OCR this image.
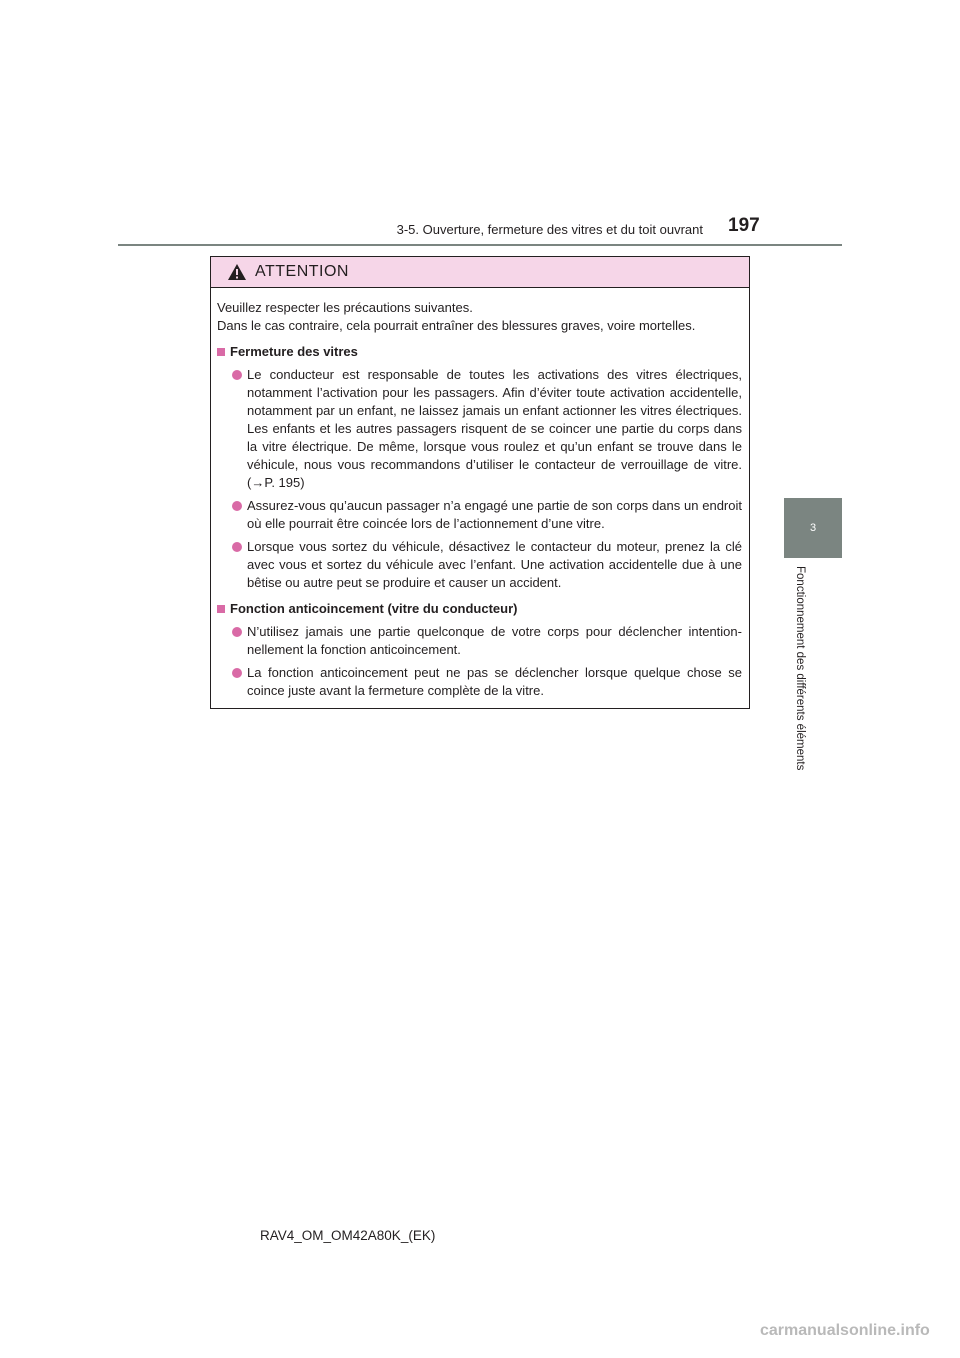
3-5. Ouverture, fermeture des vitres et du toit ouvrant 197
3
Fonctionnement des différents éléments
ATTENTION

Veuillez respecter les précautions suivantes.

Dans le cas contraire, cela pourrait entraîner des blessures graves, voire mortelles.

Fermeture des vitres
Le conducteur est responsable de toutes les activations des vitres électriques, notamment l’activation pour les passagers. Afin d’éviter toute activation accidentelle, notamment par un enfant, ne laissez jamais un enfant actionner les vitres électriques. Les enfants et les autres passagers risquent de se coincer une partie du corps dans la vitre électrique. De même, lorsque vous roulez et qu’un enfant se trouve dans le véhicule, nous vous recommandons d’utiliser le contacteur de verrouillage de vitre. (→P. 195)
Assurez-vous qu’aucun passager n’a engagé une partie de son corps dans un endroit où elle pourrait être coincée lors de l’actionnement d’une vitre.
Lorsque vous sortez du véhicule, désactivez le contacteur du moteur, prenez la clé avec vous et sortez du véhicule avec l’enfant. Une activation accidentelle due à une bêtise ou autre peut se produire et causer un accident.
Fonction anticoincement (vitre du conducteur)
N’utilisez jamais une partie quelconque de votre corps pour déclencher intentionnellement la fonction anticoincement.
La fonction anticoincement peut ne pas se déclencher lorsque quelque chose se coince juste avant la fermeture complète de la vitre.
RAV4_OM_OM42A80K_(EK)
carmanualsonline.info
